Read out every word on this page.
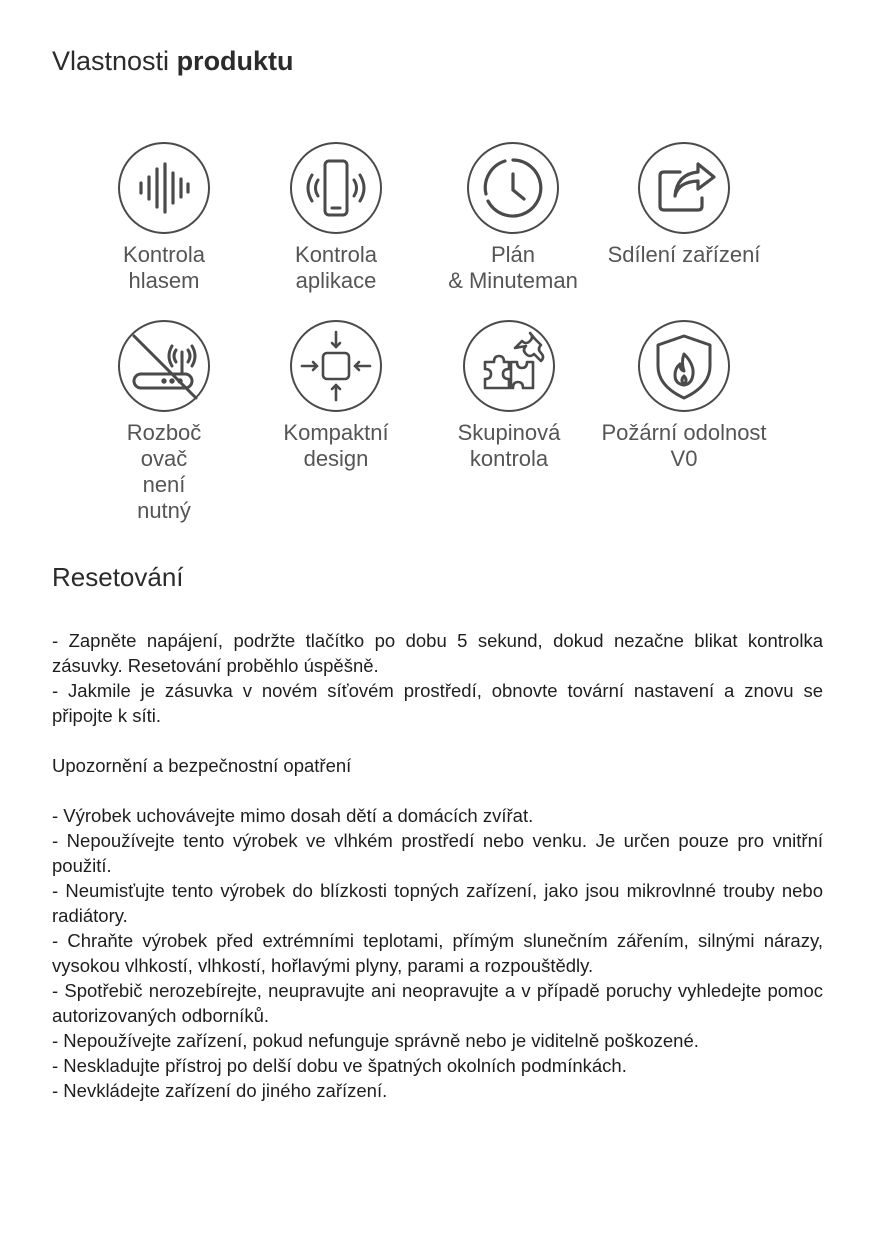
Vlastnosti produktu
Kontrola
hlasem
Kontrola
aplikace
Plán
& Minuteman
Sdílení zařízení
Rozboč
ovač
není
nutný
Kompaktní
design
Skupinová
kontrola
Požární odolnost
V0
Resetování

- Zapněte napájení, podržte tlačítko po dobu 5 sekund, dokud nezačne blikat kontrolka zásuvky. Resetování proběhlo úspěšně.

- Jakmile je zásuvka v novém síťovém prostředí, obnovte tovární nastavení a znovu se připojte k síti.

Upozornění a bezpečnostní opatření

- Výrobek uchovávejte mimo dosah dětí a domácích zvířat.

- Nepoužívejte tento výrobek ve vlhkém prostředí nebo venku. Je určen pouze pro vnitřní použití.

- Neumisťujte tento výrobek do blízkosti topných zařízení, jako jsou mikrovlnné trouby nebo radiátory.

- Chraňte výrobek před extrémními teplotami, přímým slunečním zářením, silnými nárazy, vysokou vlhkostí, vlhkostí, hořlavými plyny, parami a rozpouštědly.

- Spotřebič nerozebírejte, neupravujte ani neopravujte a v případě poruchy vyhledejte pomoc autorizovaných odborníků.

- Nepoužívejte zařízení, pokud nefunguje správně nebo je viditelně poškozené.

- Neskladujte přístroj po delší dobu ve špatných okolních podmínkách.

- Nevkládejte zařízení do jiného zařízení.
